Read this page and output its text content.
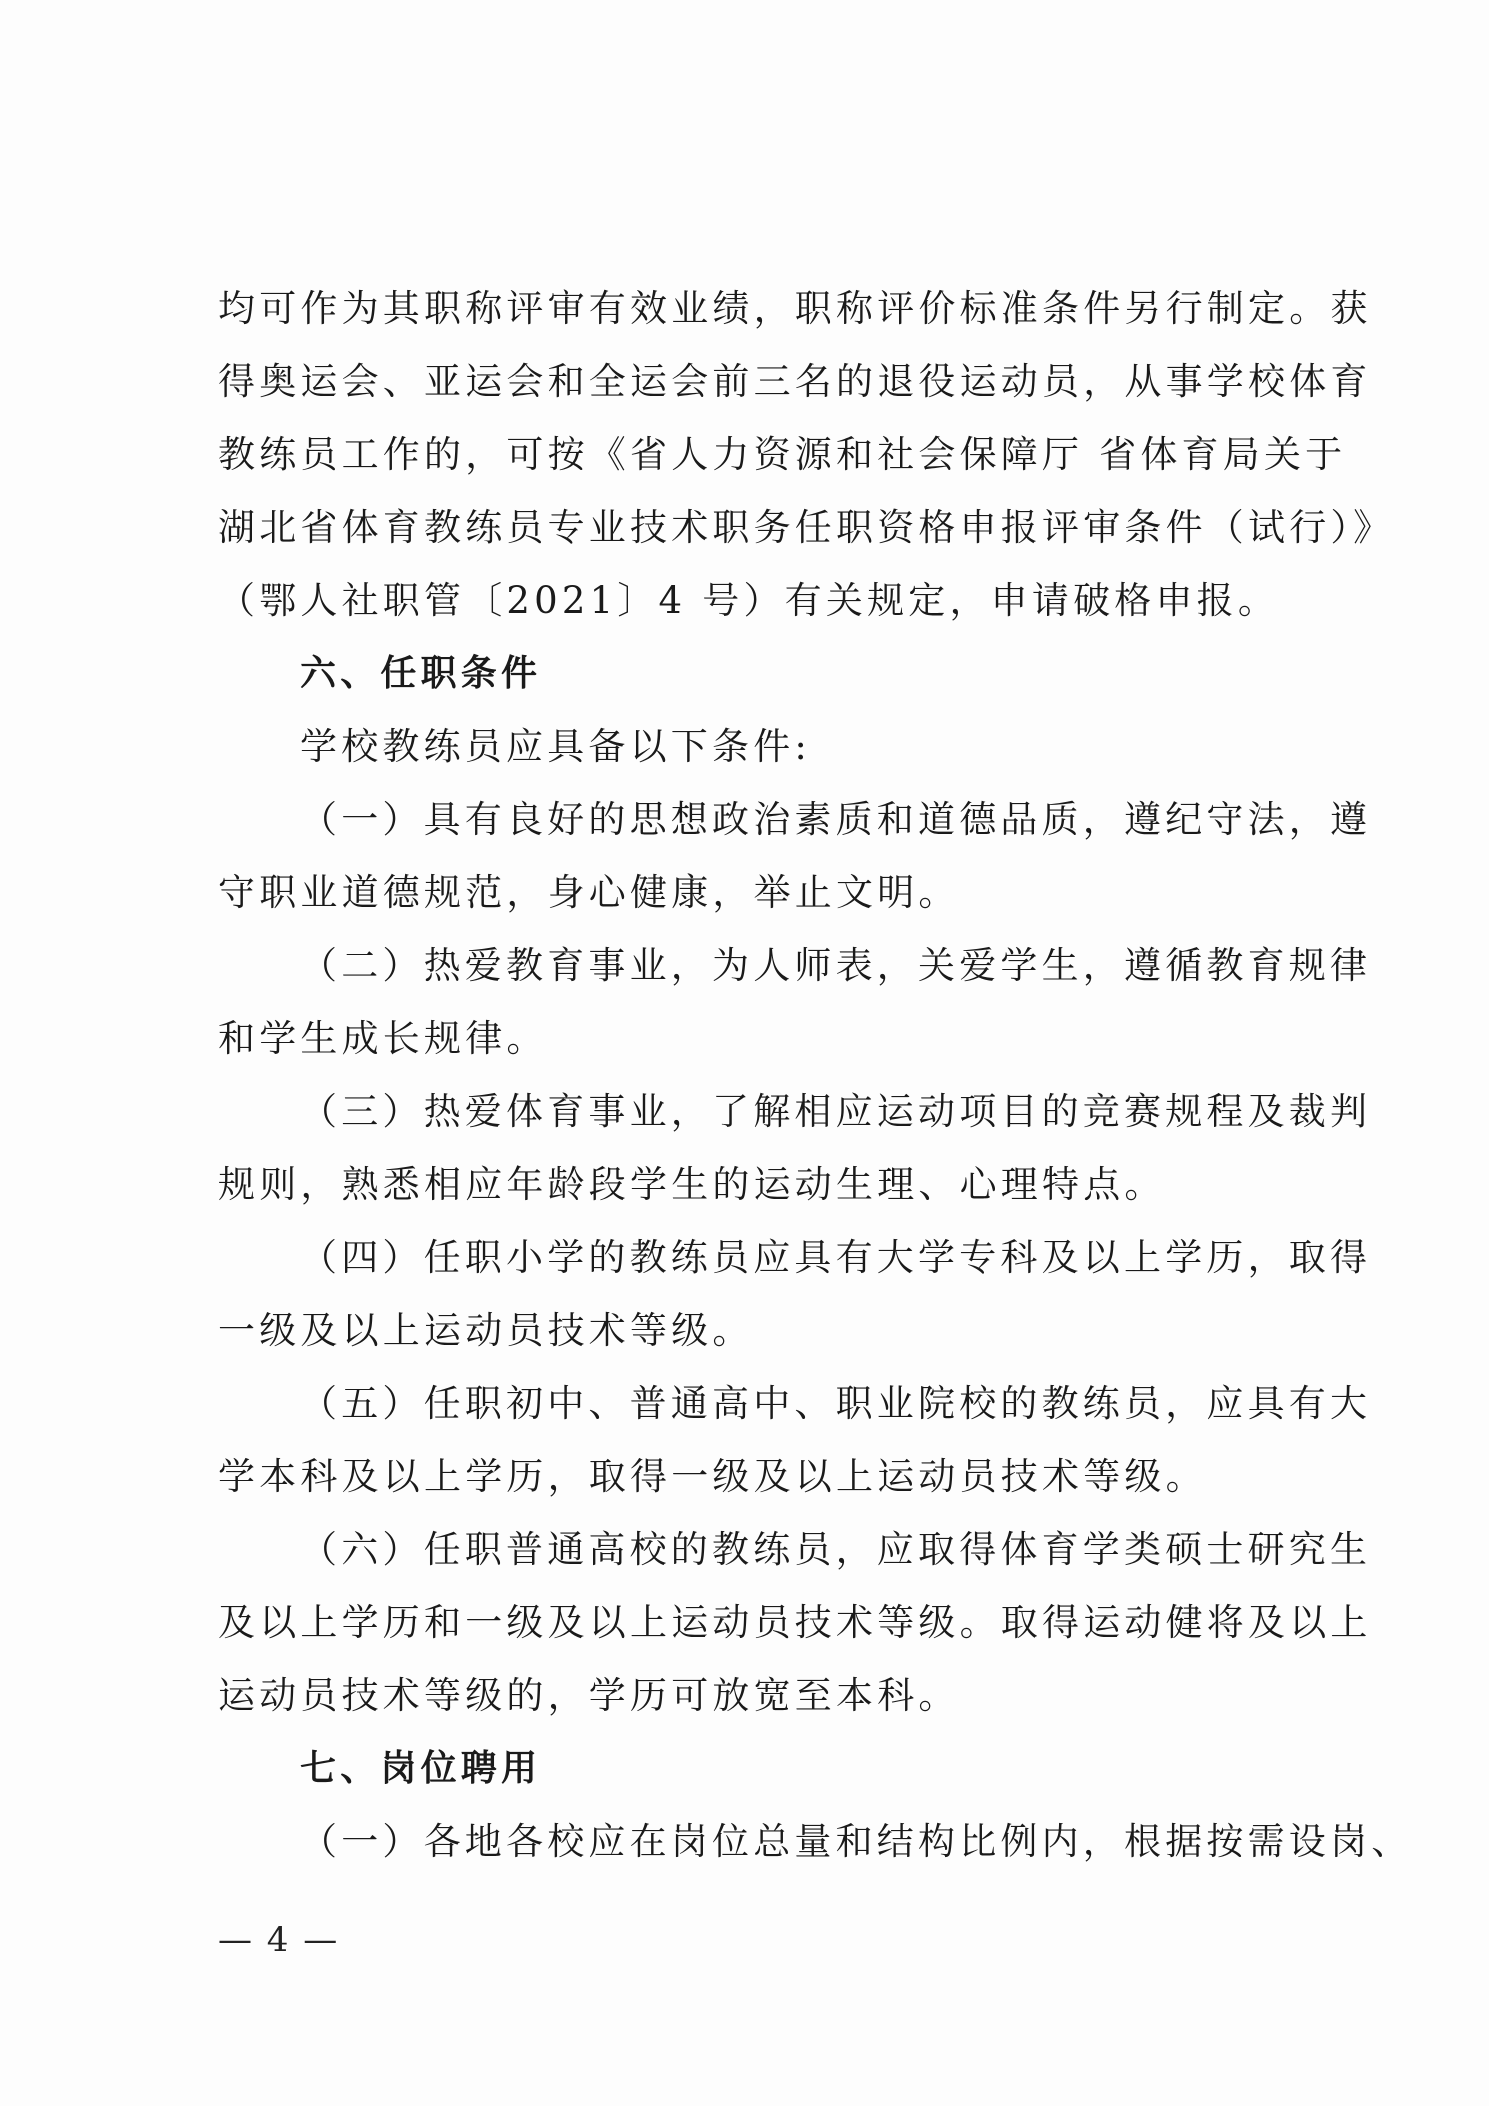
均可作为其职称评审有效业绩，职称评价标准条件另行制定。获
得奥运会、亚运会和全运会前三名的退役运动员，从事学校体育
教练员工作的，可按《省人力资源和社会保障厅 省体育局关于
湖北省体育教练员专业技术职务任职资格申报评审条件（试行）》
（鄂人社职管〔2021〕4 号）有关规定，申请破格申报。
六、任职条件
学校教练员应具备以下条件:
（一）具有良好的思想政治素质和道德品质，遵纪守法，遵
守职业道德规范，身心健康，举止文明。
（二）热爱教育事业，为人师表，关爱学生，遵循教育规律
和学生成长规律。
（三）热爱体育事业，了解相应运动项目的竞赛规程及裁判
规则，熟悉相应年龄段学生的运动生理、心理特点。
（四）任职小学的教练员应具有大学专科及以上学历，取得
一级及以上运动员技术等级。
（五）任职初中、普通高中、职业院校的教练员，应具有大
学本科及以上学历，取得一级及以上运动员技术等级。
（六）任职普通高校的教练员，应取得体育学类硕士研究生
及以上学历和一级及以上运动员技术等级。取得运动健将及以上
运动员技术等级的，学历可放宽至本科。
七、岗位聘用
（一）各地各校应在岗位总量和结构比例内，根据按需设岗、
— 4 —
